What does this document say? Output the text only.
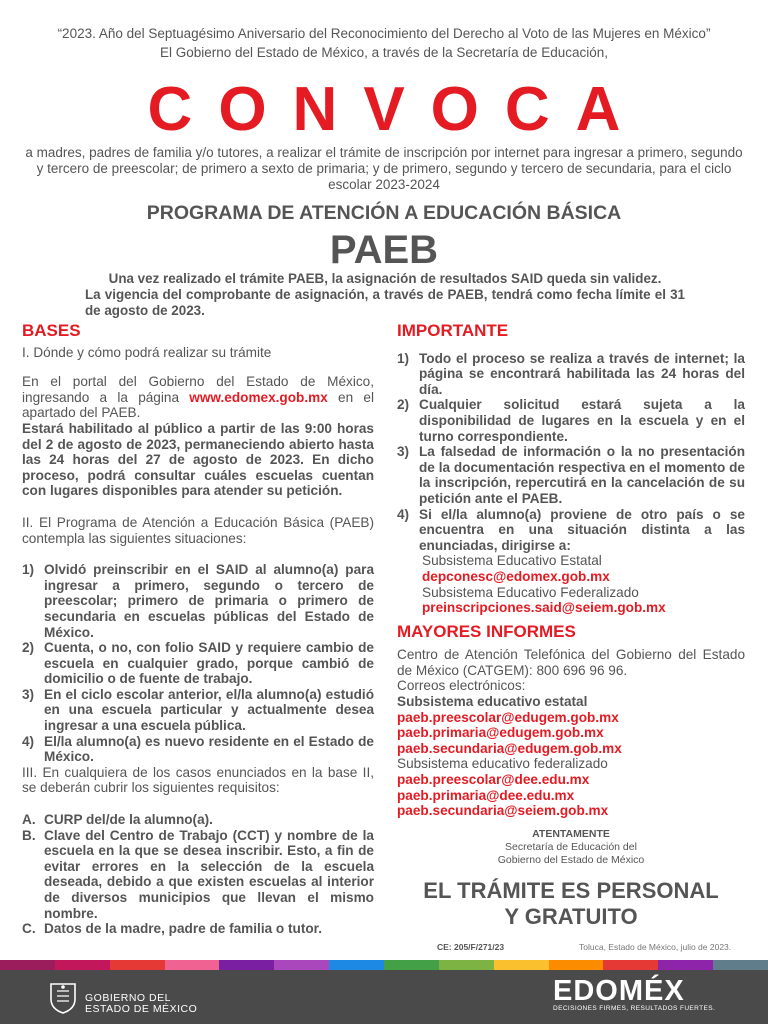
“2023. Año del Septuagésimo Aniversario del Reconocimiento del Derecho al Voto de las Mujeres en México”
El Gobierno del Estado de México, a través de la Secretaría de Educación,
CONVOCA
a madres, padres de familia y/o tutores, a realizar el trámite de inscripción por internet para ingresar a primero, segundo y tercero de preescolar; de primero a sexto de primaria; y de primero, segundo y tercero de secundaria, para el ciclo escolar 2023-2024
PROGRAMA DE ATENCIÓN A EDUCACIÓN BÁSICA
PAEB
Una vez realizado el trámite PAEB, la asignación de resultados SAID queda sin validez.
La vigencia del comprobante de asignación, a través de PAEB, tendrá como fecha límite el 31 de agosto de 2023.
BASES

I. Dónde y cómo podrá realizar su trámite

En el portal del Gobierno del Estado de México, ingresando a la página www.edomex.gob.mx en el apartado del PAEB.

Estará habilitado al público a partir de las 9:00 horas del 2 de agosto de 2023, permaneciendo abierto hasta las 24 horas del 27 de agosto de 2023. En dicho proceso, podrá consultar cuáles escuelas cuentan con lugares disponibles para atender su petición.

II. El Programa de Atención a Educación Básica (PAEB) contempla las siguientes situaciones:

1) Olvidó preinscribir en el SAID al alumno(a) para ingresar a primero, segundo o tercero de preescolar; primero de primaria o primero de secundaria en escuelas públicas del Estado de México.
2) Cuenta, o no, con folio SAID y requiere cambio de escuela en cualquier grado, porque cambió de domicilio o de fuente de trabajo.
3) En el ciclo escolar anterior, el/la alumno(a) estudió en una escuela particular y actualmente desea ingresar a una escuela pública.
4) El/la alumno(a) es nuevo residente en el Estado de México.

III. En cualquiera de los casos enunciados en la base II, se deberán cubrir los siguientes requisitos:

A. CURP del/de la alumno(a).
B. Clave del Centro de Trabajo (CCT) y nombre de la escuela en la que se desea inscribir. Esto, a fin de evitar errores en la selección de la escuela deseada, debido a que existen escuelas al interior de diversos municipios que llevan el mismo nombre.
C. Datos de la madre, padre de familia o tutor.
IMPORTANTE
1) Todo el proceso se realiza a través de internet; la página se encontrará habilitada las 24 horas del día.
2) Cualquier solicitud estará sujeta a la disponibilidad de lugares en la escuela y en el turno correspondiente.
3) La falsedad de información o la no presentación de la documentación respectiva en el momento de la inscripción, repercutirá en la cancelación de su petición ante el PAEB.
4) Si el/la alumno(a) proviene de otro país o se encuentra en una situación distinta a las enunciadas, dirigirse a:
Subsistema Educativo Estatal
depconesc@edomex.gob.mx
Subsistema Educativo Federalizado
preinscripciones.said@seiem.gob.mx
MAYORES INFORMES

Centro de Atención Telefónica del Gobierno del Estado de México (CATGEM): 800 696 96 96.

Correos electrónicos:

Subsistema educativo estatal

paeb.preescolar@edugem.gob.mx
paeb.primaria@edugem.gob.mx
paeb.secundaria@edugem.gob.mx

Subsistema educativo federalizado

paeb.preescolar@dee.edu.mx
paeb.primaria@dee.edu.mx
paeb.secundaria@seiem.gob.mx
ATENTAMENTE
Secretaría de Educación del
Gobierno del Estado de México
EL TRÁMITE ES PERSONAL
Y GRATUITO
CE: 205/F/271/23	Toluca, Estado de México, julio de 2023.
GOBIERNO DEL
ESTADO DE MÉXICO
EDOMÉX
DECISIONES FIRMES, RESULTADOS FUERTES.
